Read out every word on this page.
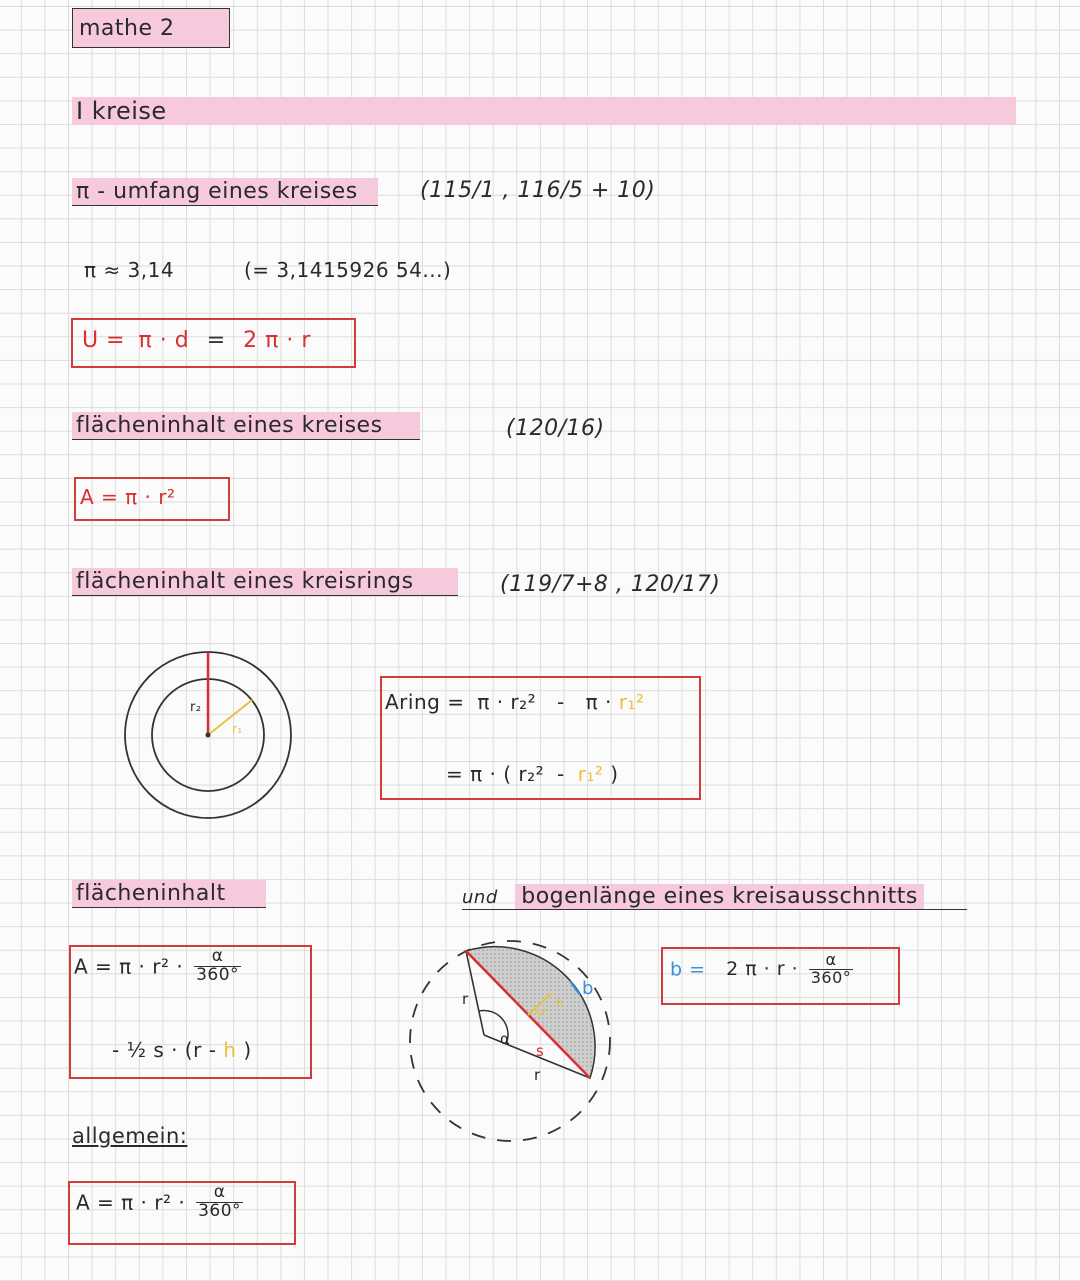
mathe 2
I kreise
π - umfang eines kreises	(115/1 , 116/5 + 10)
π ≈ 3,14	(= 3,1415926 54...)
U = π · d = 2 π · r
flächeninhalt eines kreises	(120/16)
A = π · r²
flächeninhalt eines kreisrings	(119/7+8 , 120/17)
r₂
r₁
Aring = π · r₂² - π · r₁²
= π · ( r₂² - r₁² )
flächeninhalt	und bogenlänge eines kreisausschnitts
$A = \pi \cdot r^2 \cdot \frac{\alpha}{360^\circ}$
- ½ s · (r - h )
r
r
s
α
h
b
b = 2 $\pi \cdot r \cdot \frac{\alpha}{360^\circ}$
allgemein:
$A = \pi \cdot r^2 \cdot \frac{\alpha}{360^\circ}$
